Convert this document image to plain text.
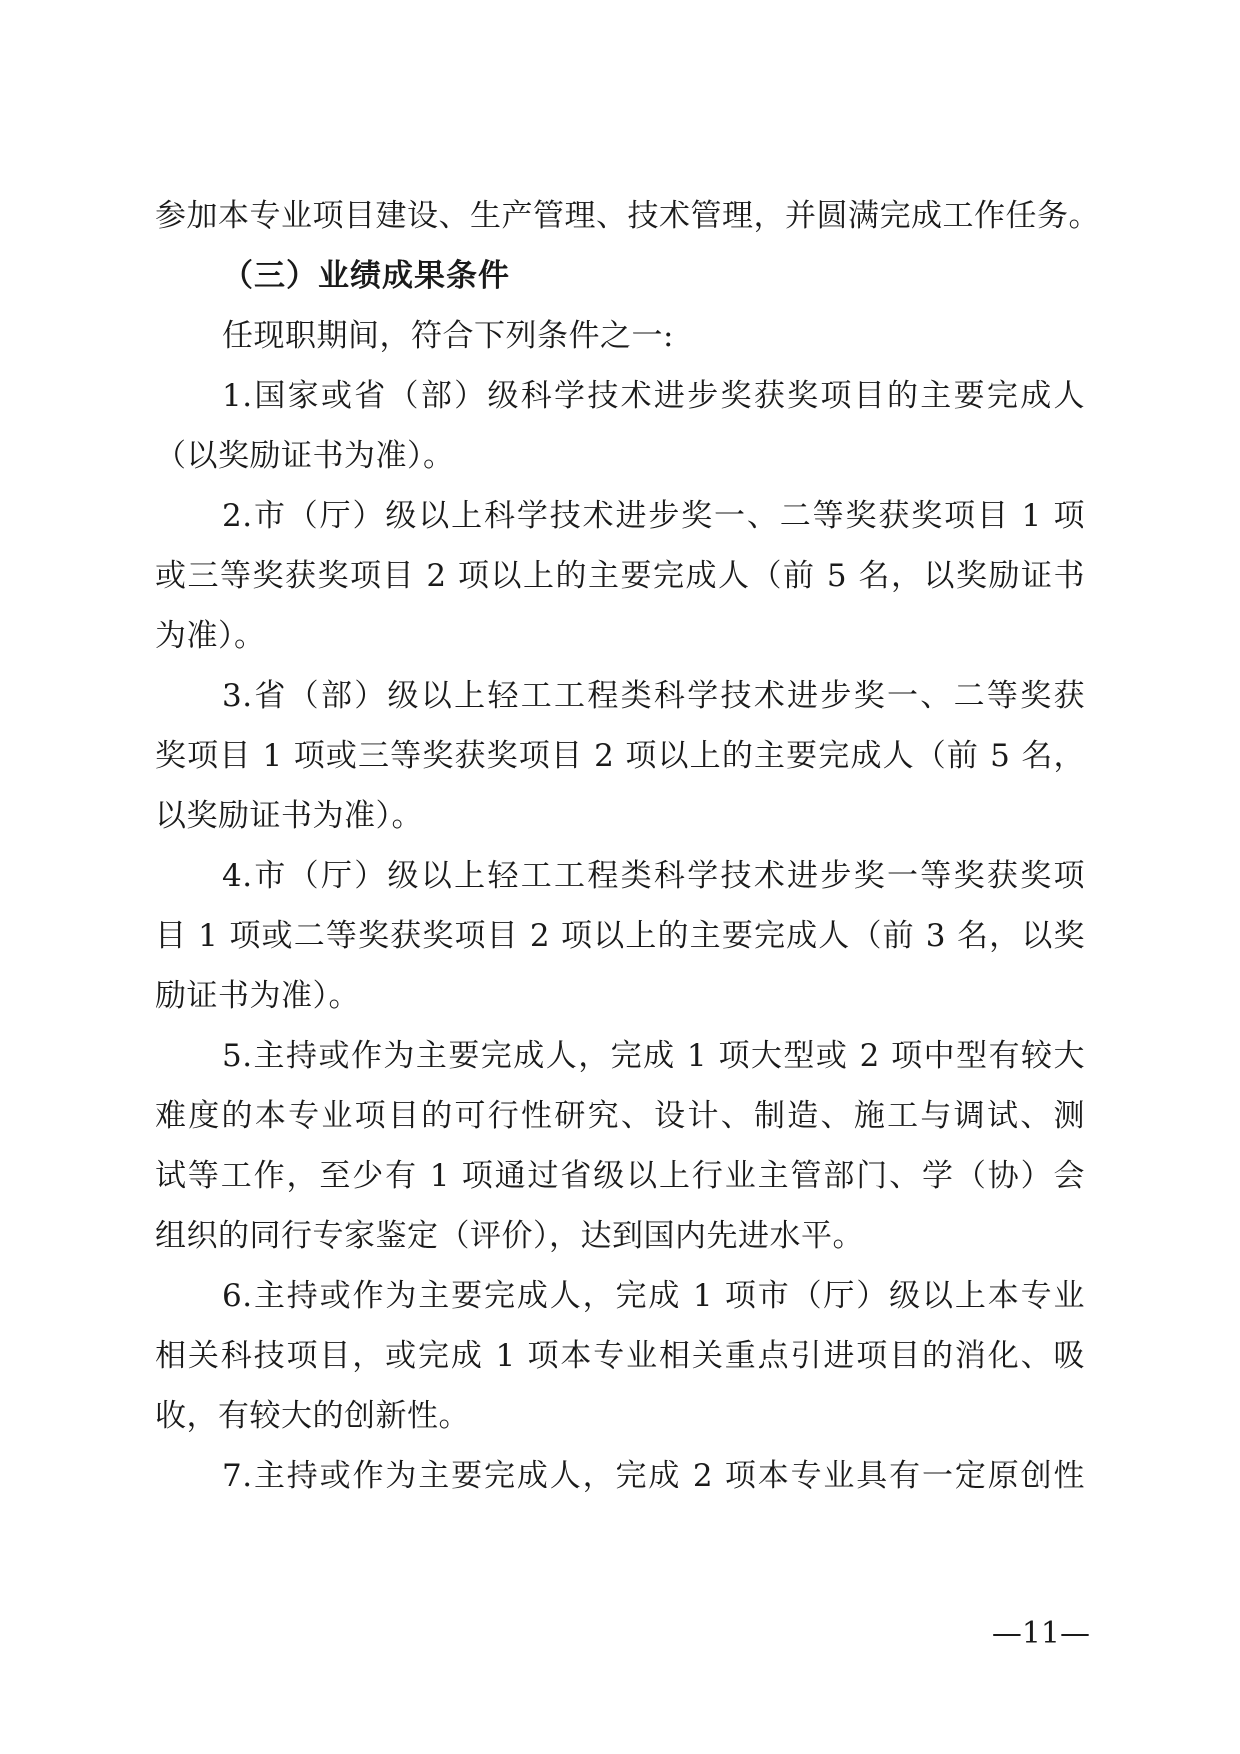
参加本专业项目建设、生产管理、技术管理，并圆满完成工作任务。
（三）业绩成果条件
任现职期间，符合下列条件之一:
1.国家或省（部）级科学技术进步奖获奖项目的主要完成人
（以奖励证书为准）。
2.市（厅）级以上科学技术进步奖一、二等奖获奖项目 1 项
或三等奖获奖项目 2 项以上的主要完成人（前 5 名，以奖励证书
为准）。
3.省（部）级以上轻工工程类科学技术进步奖一、二等奖获
奖项目 1 项或三等奖获奖项目 2 项以上的主要完成人（前 5 名，
以奖励证书为准）。
4.市（厅）级以上轻工工程类科学技术进步奖一等奖获奖项
目 1 项或二等奖获奖项目 2 项以上的主要完成人（前 3 名，以奖
励证书为准）。
5.主持或作为主要完成人，完成 1 项大型或 2 项中型有较大
难度的本专业项目的可行性研究、设计、制造、施工与调试、测
试等工作，至少有 1 项通过省级以上行业主管部门、学（协）会
组织的同行专家鉴定（评价），达到国内先进水平。
6.主持或作为主要完成人，完成 1 项市（厅）级以上本专业
相关科技项目，或完成 1 项本专业相关重点引进项目的消化、吸
收，有较大的创新性。
7.主持或作为主要完成人，完成 2 项本专业具有一定原创性
—11—
